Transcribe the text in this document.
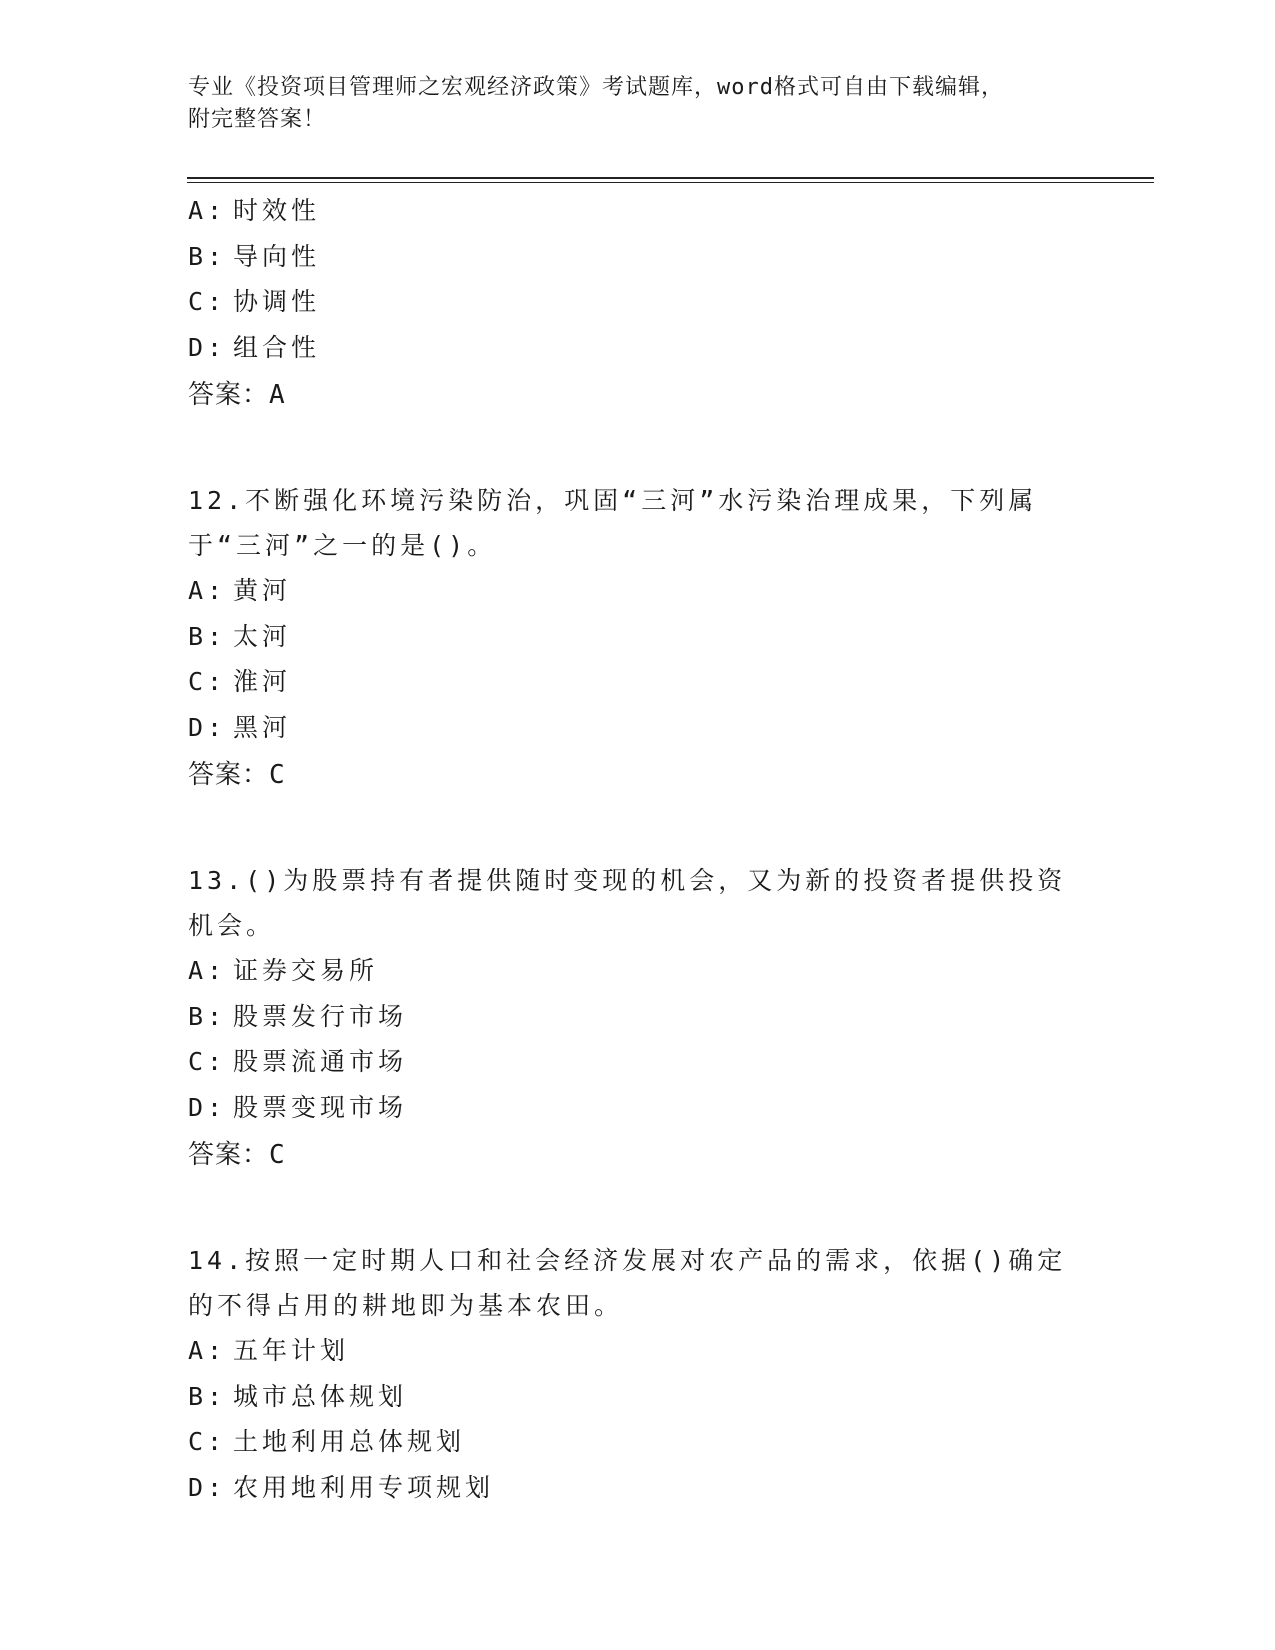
专业《投资项目管理师之宏观经济政策》考试题库，word格式可自由下载编辑，
附完整答案！
A: 时效性
B: 导向性
C: 协调性
D: 组合性
答案：A
12.不断强化环境污染防治，巩固“三河”水污染治理成果，下列属于“三河”之一的是()。
A: 黄河
B: 太河
C: 淮河
D: 黑河
答案：C
13.()为股票持有者提供随时变现的机会，又为新的投资者提供投资机会。
A: 证券交易所
B: 股票发行市场
C: 股票流通市场
D: 股票变现市场
答案：C
14.按照一定时期人口和社会经济发展对农产品的需求，依据()确定的不得占用的耕地即为基本农田。
A: 五年计划
B: 城市总体规划
C: 土地利用总体规划
D: 农用地利用专项规划
